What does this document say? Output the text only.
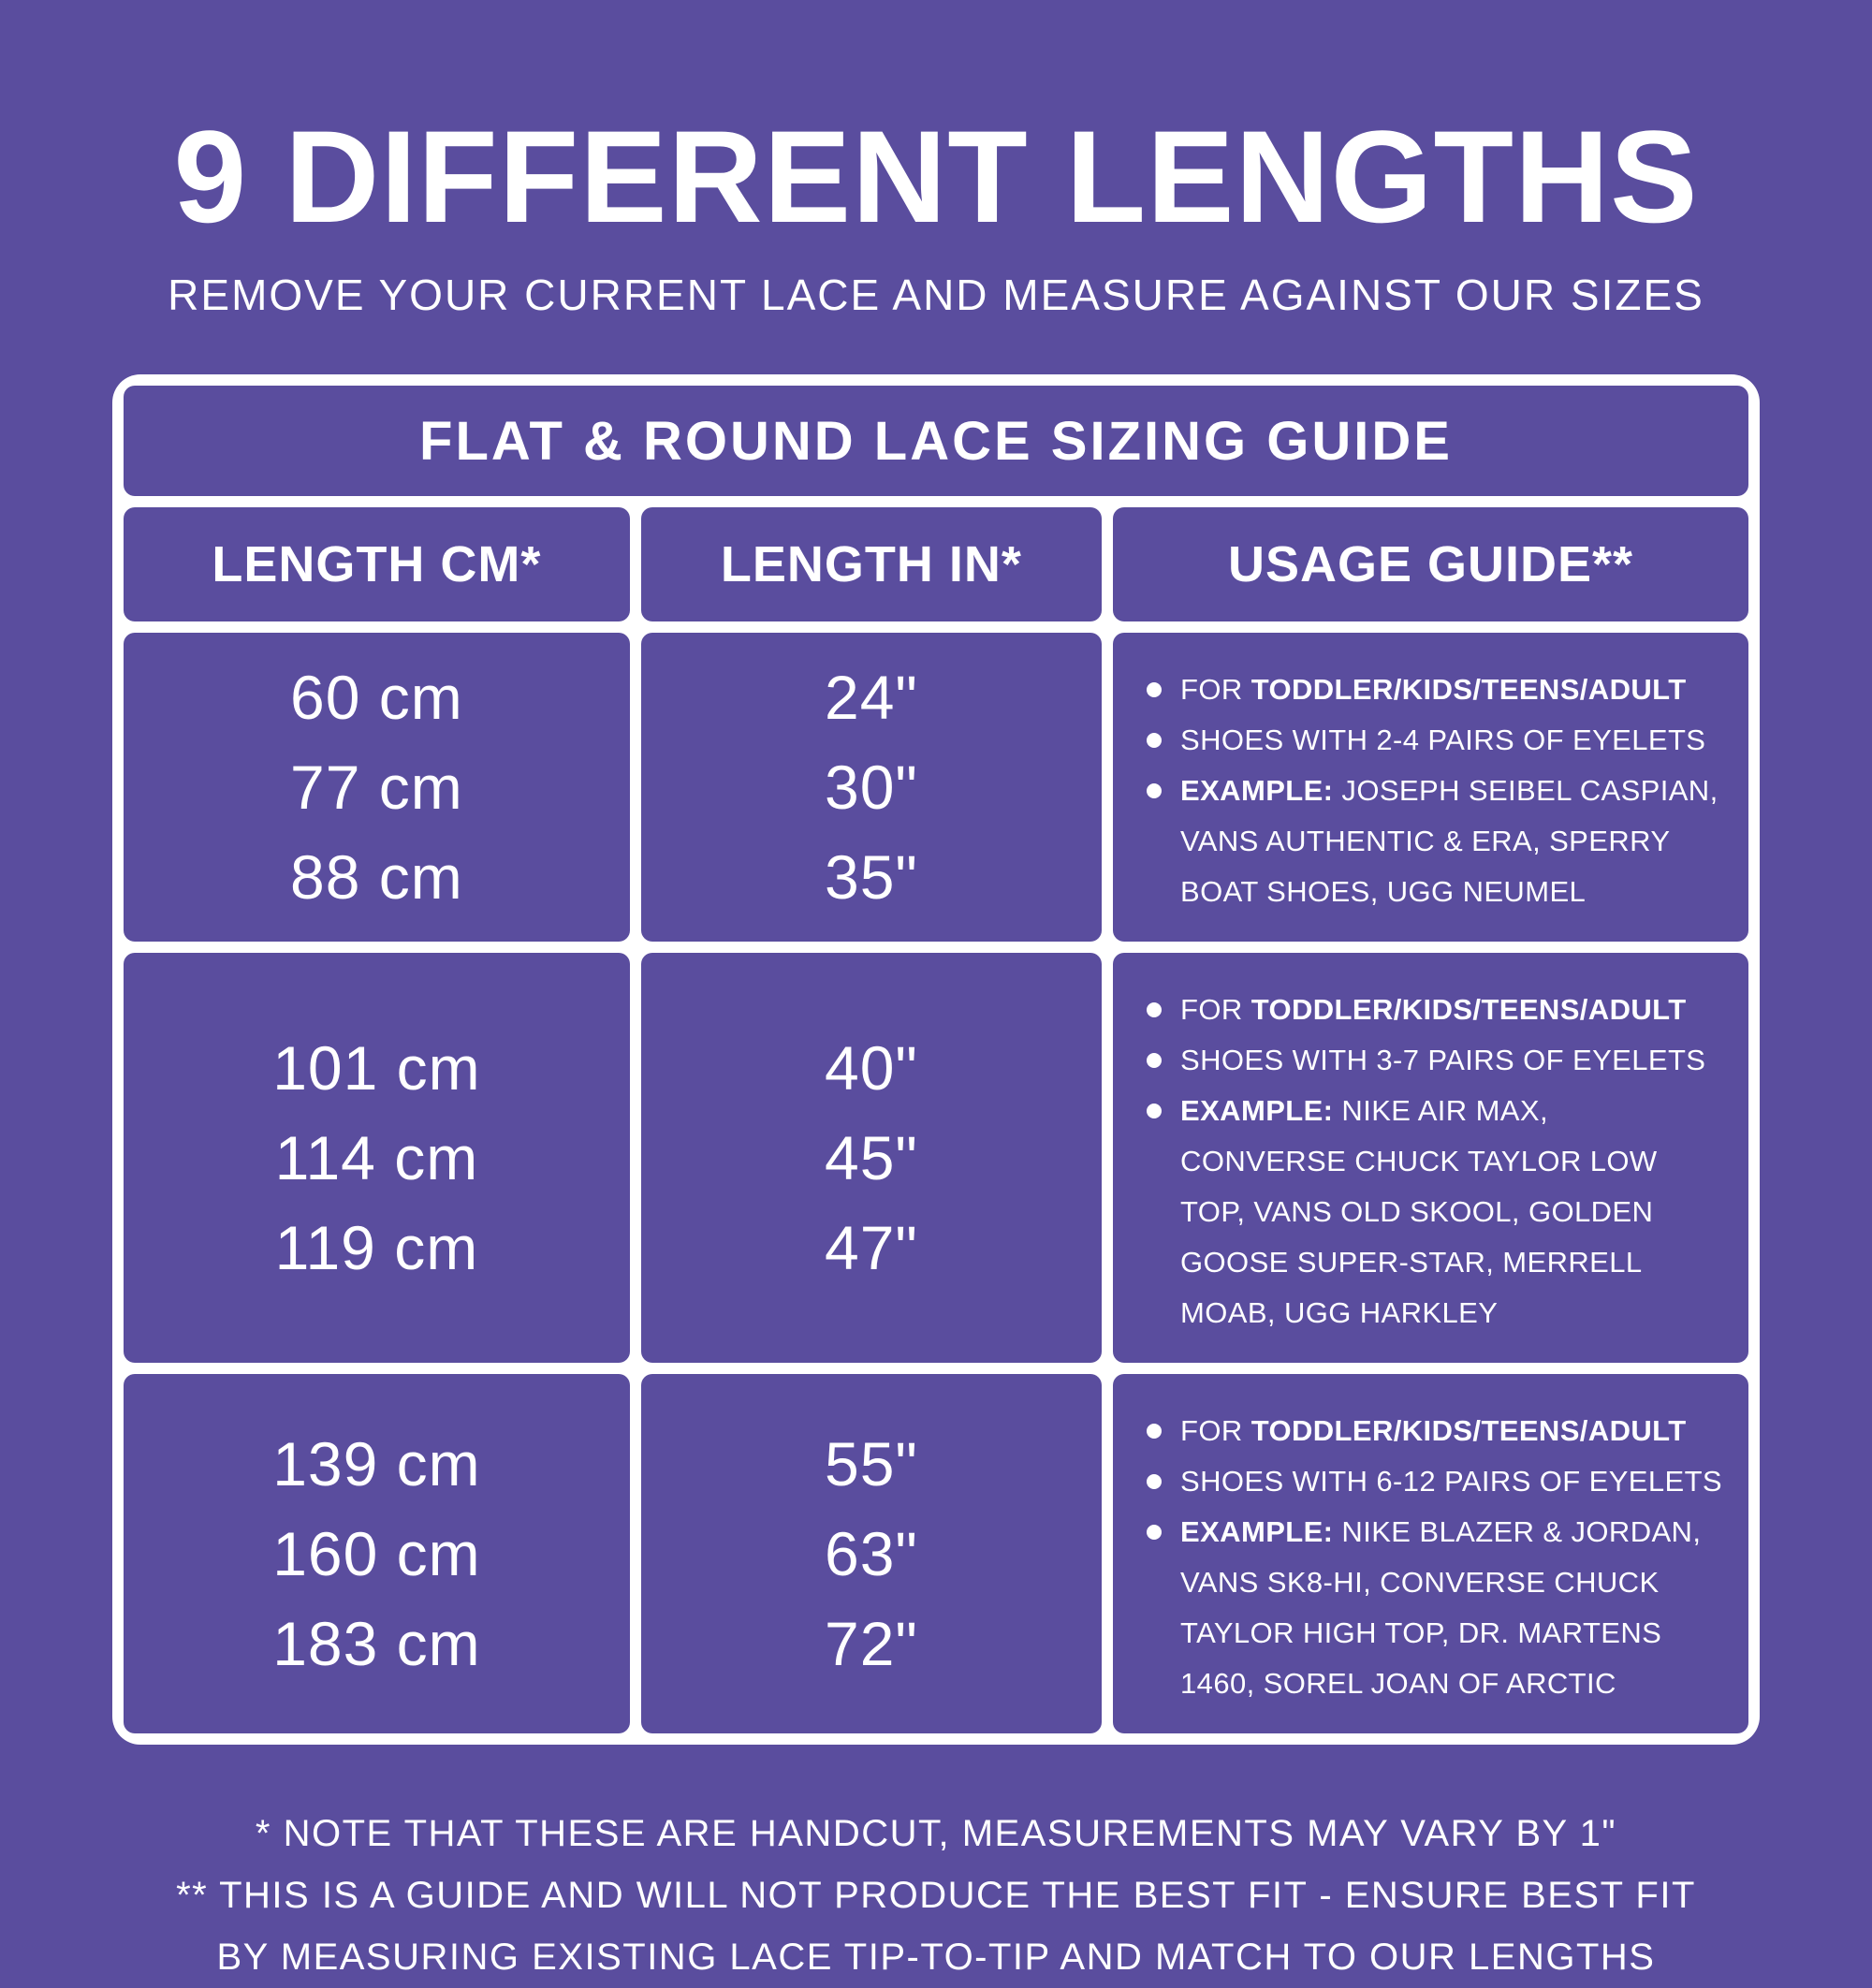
9 DIFFERENT LENGTHS

REMOVE YOUR CURRENT LACE AND MEASURE AGAINST OUR SIZES

FLAT & ROUND LACE SIZING GUIDE
LENGTH CM*	LENGTH IN*	USAGE GUIDE**
60 cm
77 cm
88 cm
24"
30"
35"

FOR TODDLER/KIDS/TEENS/ADULT

SHOES WITH 2-4 PAIRS OF EYELETS

EXAMPLE: JOSEPH SEIBEL CASPIAN, VANS AUTHENTIC & ERA, SPERRY BOAT SHOES, UGG NEUMEL

101 cm
114 cm
119 cm
40"
45"
47"

FOR TODDLER/KIDS/TEENS/ADULT

SHOES WITH 3-7 PAIRS OF EYELETS

EXAMPLE: NIKE AIR MAX, CONVERSE CHUCK TAYLOR LOW TOP, VANS OLD SKOOL, GOLDEN GOOSE SUPER-STAR, MERRELL MOAB, UGG HARKLEY

139 cm
160 cm
183 cm
55"
63"
72"

FOR TODDLER/KIDS/TEENS/ADULT

SHOES WITH 6-12 PAIRS OF EYELETS

EXAMPLE: NIKE BLAZER & JORDAN, VANS SK8-HI, CONVERSE CHUCK TAYLOR HIGH TOP, DR. MARTENS 1460, SOREL JOAN OF ARCTIC

* NOTE THAT THESE ARE HANDCUT, MEASUREMENTS MAY VARY BY 1"

** THIS IS A GUIDE AND WILL NOT PRODUCE THE BEST FIT - ENSURE BEST FIT

BY MEASURING EXISTING LACE TIP-TO-TIP AND MATCH TO OUR LENGTHS
